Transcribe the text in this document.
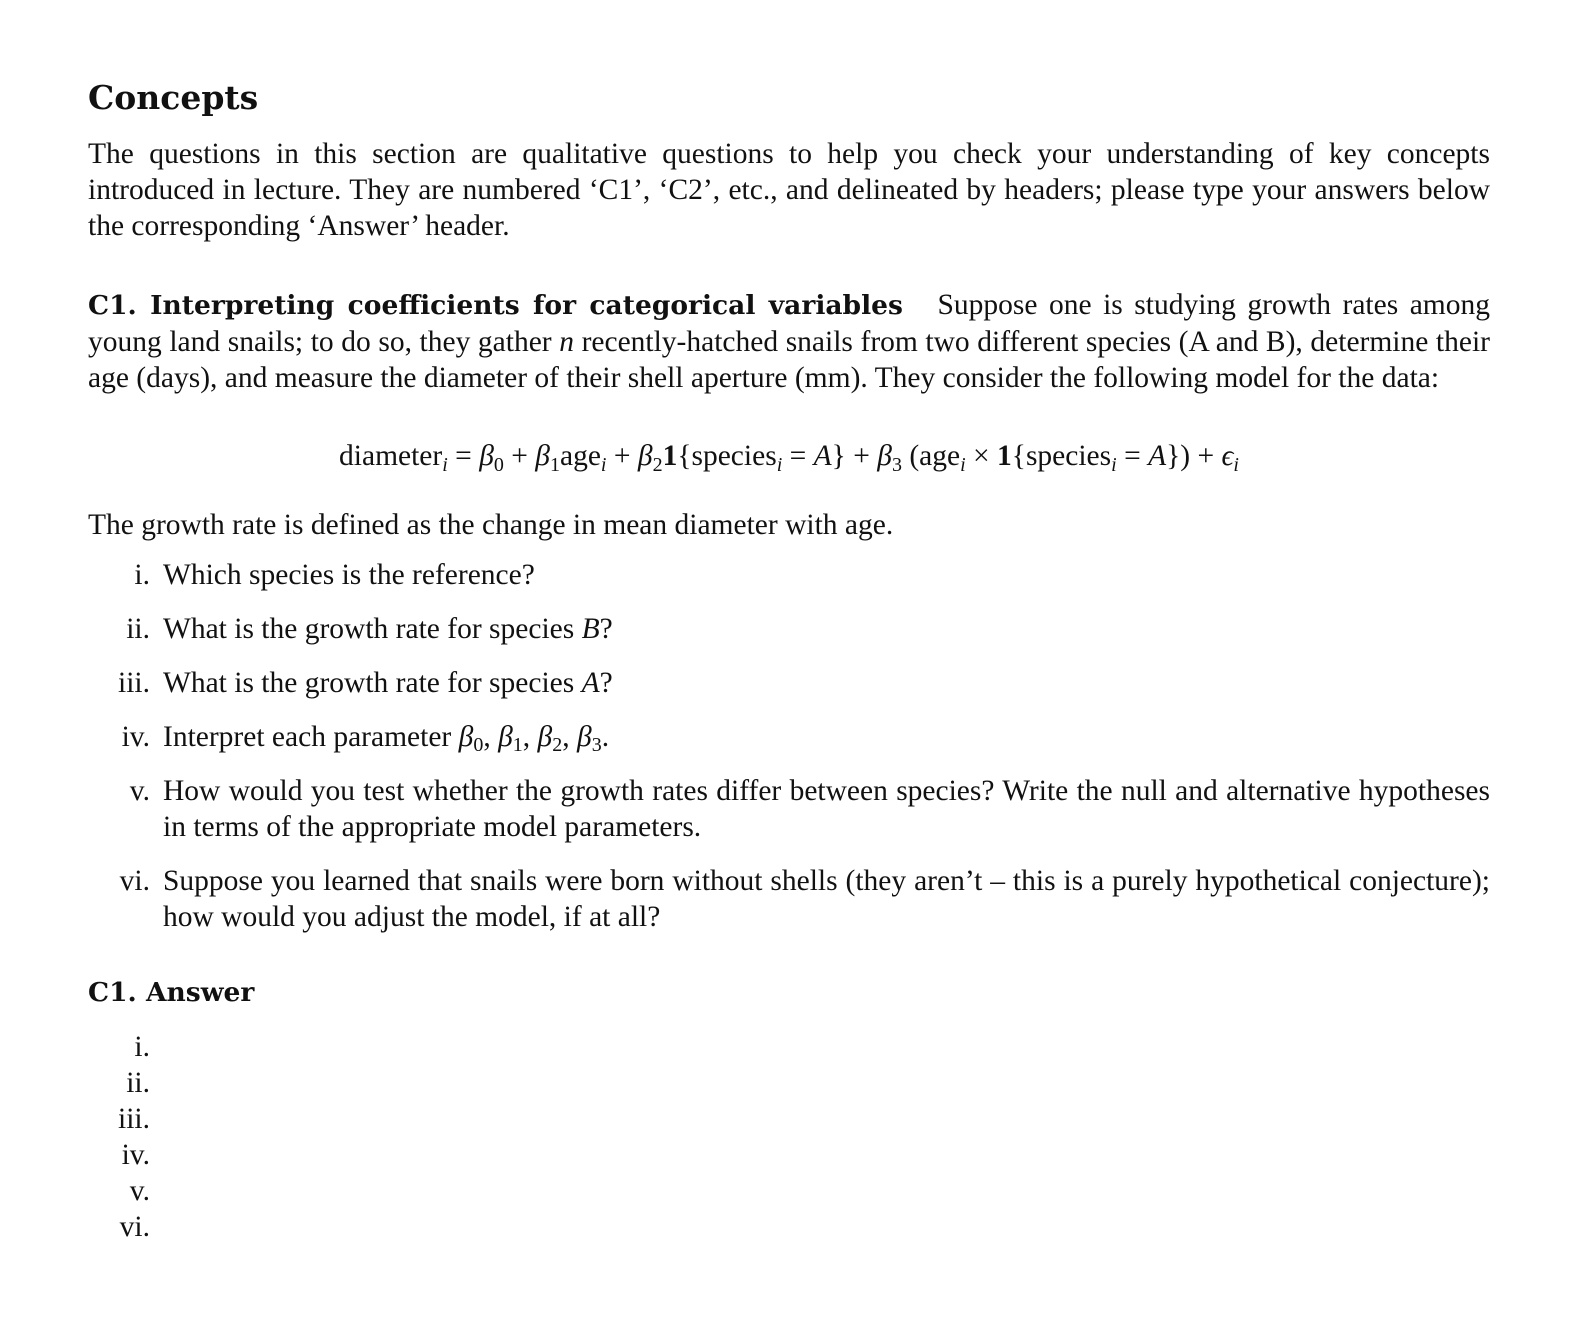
Concepts

The questions in this section are qualitative questions to help you check your understanding of key concepts introduced in lecture. They are numbered ‘C1’, ‘C2’, etc., and delineated by headers; please type your answers below the corresponding ‘Answer’ header.

C1. Interpreting coefficients for categorical variables Suppose one is studying growth rates among young land snails; to do so, they gather n recently-hatched snails from two different species (A and B), determine their age (days), and measure the diameter of their shell aperture (mm). They consider the following model for the data:

diameter$_i$ = $\beta_0 + \beta_1age_i$ + $\beta_21\{species_i = A\} + \beta_3$ (age$_i$ × 1{species$_i$ = $A\}) + \epsilon_i$

The growth rate is defined as the change in mean diameter with age.

i. Which species is the reference?
ii. What is the growth rate for species B?
iii. What is the growth rate for species A?
iv. Interpret each parameter $\beta_0$, $\beta_1$, $\beta_2$, $\beta_3$.
v. How would you test whether the growth rates differ between species? Write the null and alternative hypotheses in terms of the appropriate model parameters.
vi. Suppose you learned that snails were born without shells (they aren’t – this is a purely hypothetical conjecture); how would you adjust the model, if at all?
C1. Answer
i.
ii.
iii.
iv.
v.
vi.
